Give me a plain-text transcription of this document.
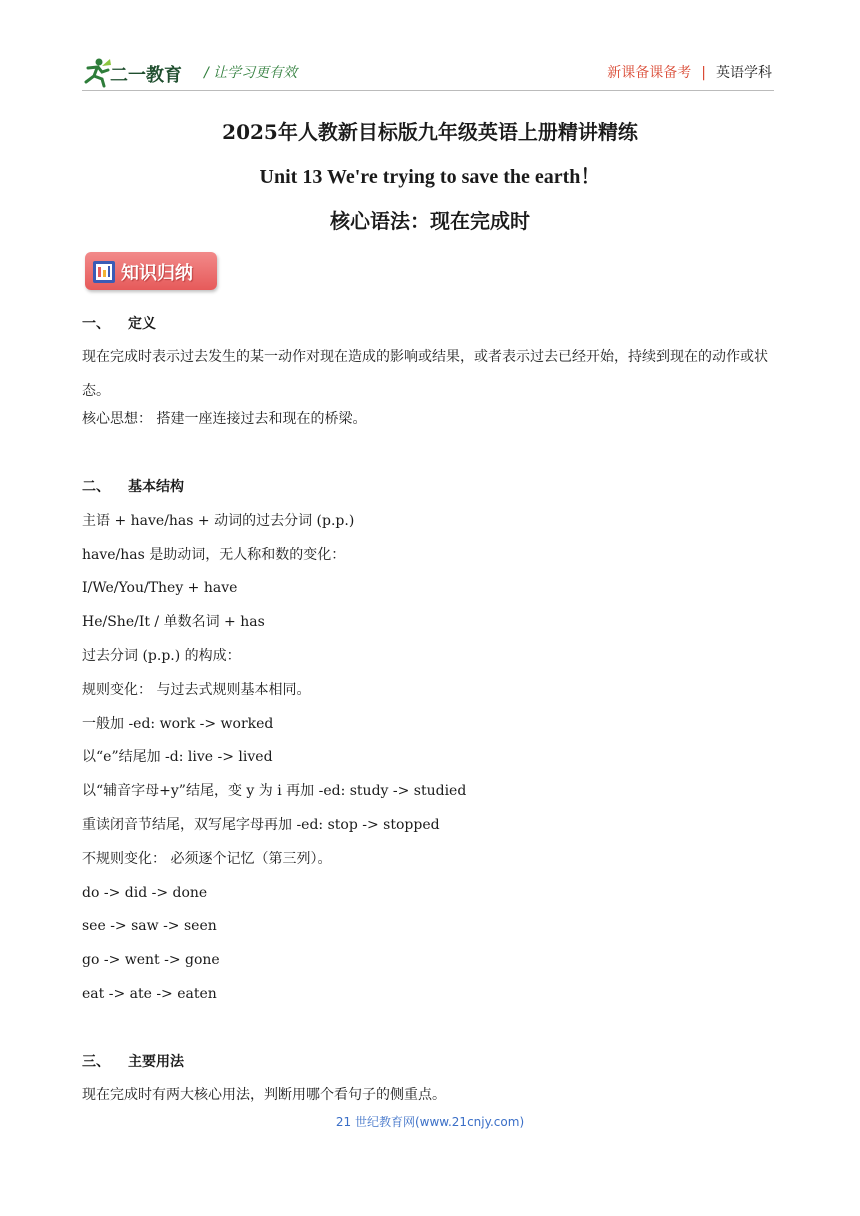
二一教育 / 让学习更有效	新课备课备考 | 英语学科
2025年人教新目标版九年级英语上册精讲精练
Unit 13 We're trying to save the earth！
核心语法：现在完成时
知识归纳
一、 定义
现在完成时表示过去发生的某一动作对现在造成的影响或结果，或者表示过去已经开始，持续到现在的动作或状态。
核心思想： 搭建一座连接过去和现在的桥梁。
二、 基本结构
主语 + have/has + 动词的过去分词 (p.p.)
have/has 是助动词，无人称和数的变化：
I/We/You/They + have
He/She/It / 单数名词 + has
过去分词 (p.p.) 的构成：
规则变化： 与过去式规则基本相同。
一般加 -ed: work -> worked
以“e”结尾加 -d: live -> lived
以“辅音字母+y”结尾，变 y 为 i 再加 -ed: study -> studied
重读闭音节结尾，双写尾字母再加 -ed: stop -> stopped
不规则变化： 必须逐个记忆（第三列）。
do -> did -> done
see -> saw -> seen
go -> went -> gone
eat -> ate -> eaten
三、 主要用法
现在完成时有两大核心用法，判断用哪个看句子的侧重点。
21 世纪教育网(www.21cnjy.com)
